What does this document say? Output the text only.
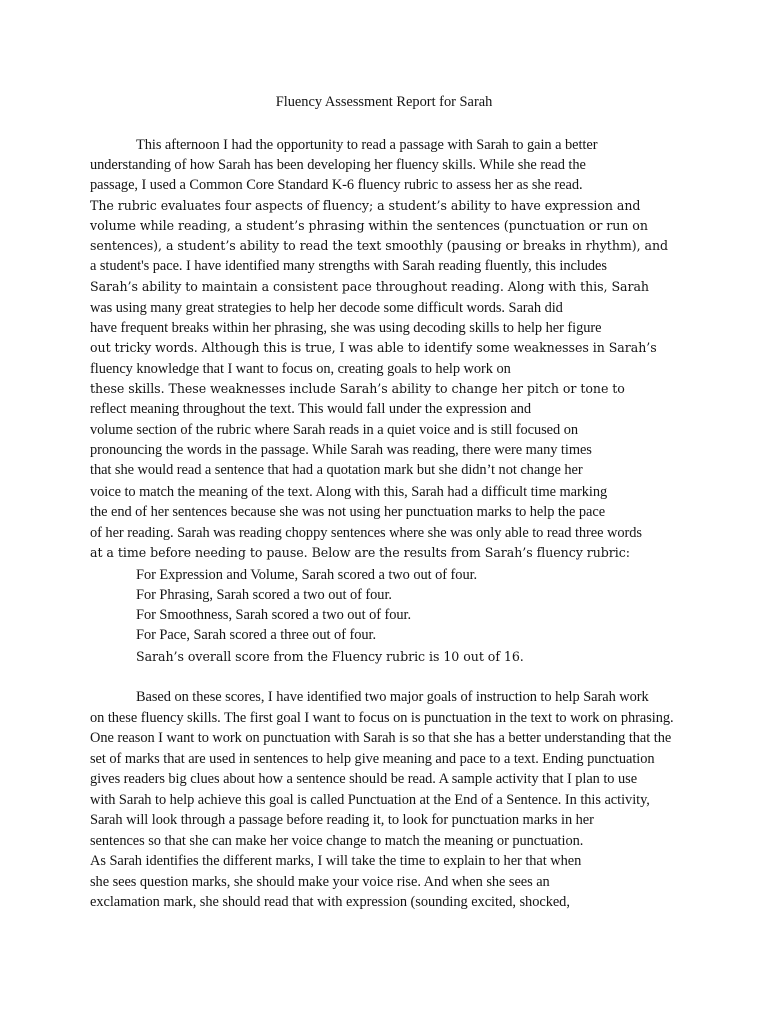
Fluency Assessment Report for Sarah
This afternoon I had the opportunity to read a passage with Sarah to gain a better
understanding of how Sarah has been developing her fluency skills. While she read the
passage, I used a Common Core Standard K-6 fluency rubric to assess her as she read.
The rubric evaluates four aspects of fluency; a student’s ability to have expression and
volume while reading, a student’s phrasing within the sentences (punctuation or run on
sentences), a student’s ability to read the text smoothly (pausing or breaks in rhythm), and
a student's pace. I have identified many strengths with Sarah reading fluently, this includes
Sarah’s ability to maintain a consistent pace throughout reading. Along with this, Sarah
was using many great strategies to help her decode some difficult words. Sarah did
have frequent breaks within her phrasing, she was using decoding skills to help her figure
out tricky words. Although this is true, I was able to identify some weaknesses in Sarah’s
fluency knowledge that I want to focus on, creating goals to help work on
these skills. These weaknesses include Sarah’s ability to change her pitch or tone to
reflect meaning throughout the text. This would fall under the expression and
volume section of the rubric where Sarah reads in a quiet voice and is still focused on
pronouncing the words in the passage. While Sarah was reading, there were many times
that she would read a sentence that had a quotation mark but she didn’t not change her
voice to match the meaning of the text. Along with this, Sarah had a difficult time marking
the end of her sentences because she was not using her punctuation marks to help the pace
of her reading. Sarah was reading choppy sentences where she was only able to read three words
at a time before needing to pause. Below are the results from Sarah’s fluency rubric:
For Expression and Volume, Sarah scored a two out of four.
For Phrasing, Sarah scored a two out of four.
For Smoothness, Sarah scored a two out of four.
For Pace, Sarah scored a three out of four.
Sarah’s overall score from the Fluency rubric is 10 out of 16.
Based on these scores, I have identified two major goals of instruction to help Sarah work
on these fluency skills. The first goal I want to focus on is punctuation in the text to work on phrasing.
One reason I want to work on punctuation with Sarah is so that she has a better understanding that the
set of marks that are used in sentences to help give meaning and pace to a text. Ending punctuation
gives readers big clues about how a sentence should be read. A sample activity that I plan to use
with Sarah to help achieve this goal is called Punctuation at the End of a Sentence. In this activity,
Sarah will look through a passage before reading it, to look for punctuation marks in her
sentences so that she can make her voice change to match the meaning or punctuation.
As Sarah identifies the different marks, I will take the time to explain to her that when
she sees question marks, she should make your voice rise. And when she sees an
exclamation mark, she should read that with expression (sounding excited, shocked,
